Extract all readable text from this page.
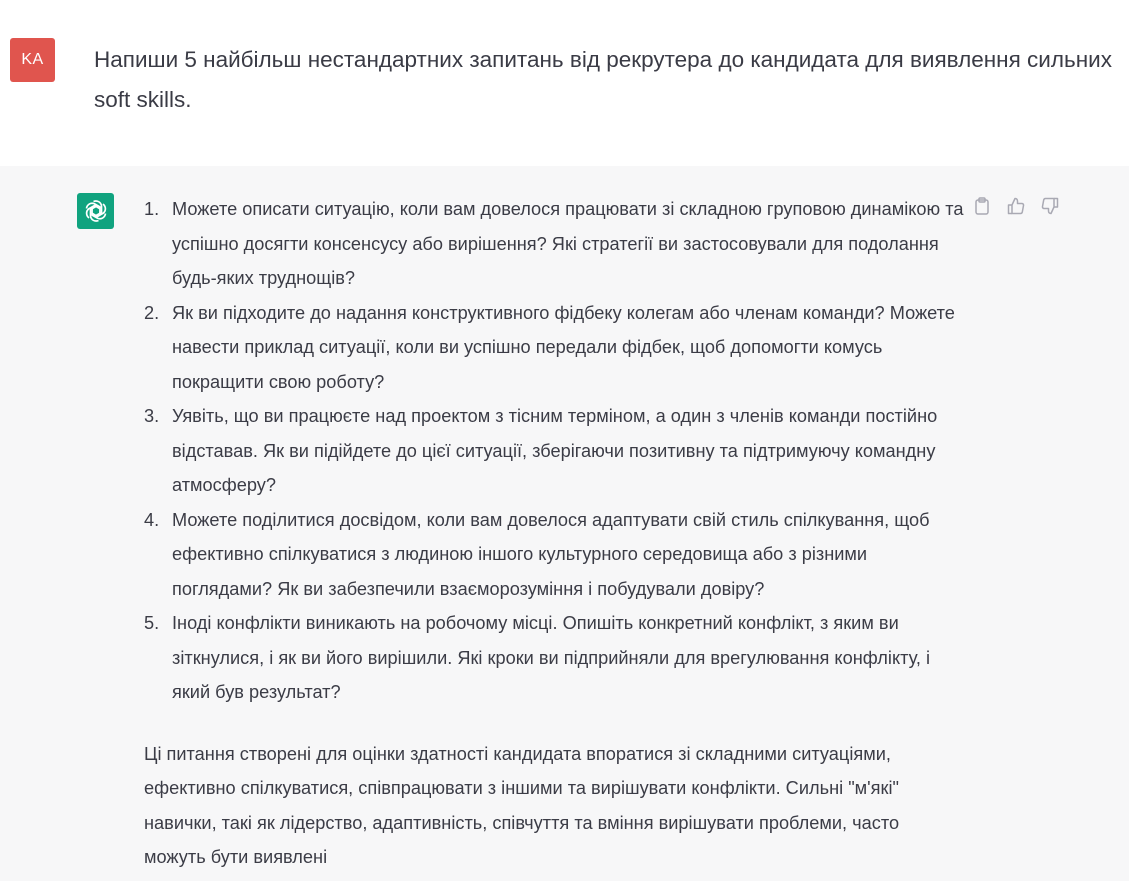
KA	Напиши 5 найбільш нестандартних запитань від рекрутера до кандидата для виявлення сильних soft skills.
1. Можете описати ситуацію, коли вам довелося працювати зі складною груповою динамікою та успішно досягти консенсусу або вирішення? Які стратегії ви застосовували для подолання будь-яких труднощів?
2. Як ви підходите до надання конструктивного фідбеку колегам або членам команди? Можете навести приклад ситуації, коли ви успішно передали фідбек, щоб допомогти комусь покращити свою роботу?
3. Уявіть, що ви працюєте над проектом з тісним терміном, а один з членів команди постійно відставав. Як ви підійдете до цієї ситуації, зберігаючи позитивну та підтримуючу командну атмосферу?
4. Можете поділитися досвідом, коли вам довелося адаптувати свій стиль спілкування, щоб ефективно спілкуватися з людиною іншого культурного середовища або з різними поглядами? Як ви забезпечили взаєморозуміння і побудували довіру?
5. Іноді конфлікти виникають на робочому місці. Опишіть конкретний конфлікт, з яким ви зіткнулися, і як ви його вирішили. Які кроки ви підприйняли для врегулювання конфлікту, і який був результат?

Ці питання створені для оцінки здатності кандидата впоратися зі складними ситуаціями, ефективно спілкуватися, співпрацювати з іншими та вирішувати конфлікти. Сильні "м'які" навички, такі як лідерство, адаптивність, співчуття та вміння вирішувати проблеми, часто можуть бути виявлені
